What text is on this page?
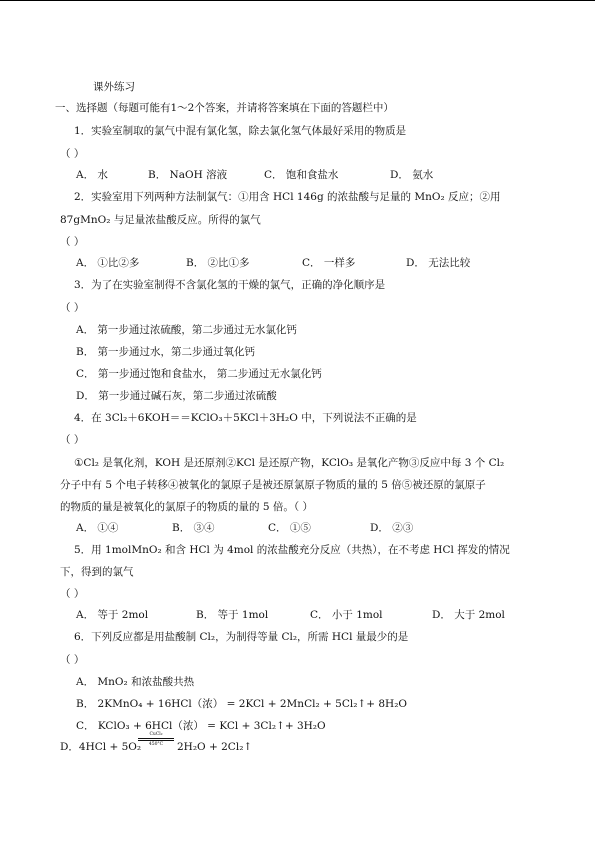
课外练习
一、选择题（每题可能有1～2个答案，并请将答案填在下面的答题栏中）
1．实验室制取的氯气中混有氯化氢，除去氯化氢气体最好采用的物质是
（ ）
A． 水	B． NaOH 溶液	C． 饱和食盐水	D． 氨水
2．实验室用下列两种方法制氯气：①用含 HCl 146g 的浓盐酸与足量的 MnO₂ 反应；②用
87gMnO₂ 与足量浓盐酸反应。所得的氯气
（ ）
A． ①比②多	B． ②比①多	C． 一样多	D． 无法比较
3．为了在实验室制得不含氯化氢的干燥的氯气，正确的净化顺序是
（ ）
A． 第一步通过浓硫酸，第二步通过无水氯化钙
B． 第一步通过水，第二步通过氧化钙
C． 第一步通过饱和食盐水， 第二步通过无水氯化钙
D． 第一步通过碱石灰，第二步通过浓硫酸
4．在 3Cl₂＋6KOH＝＝KClO₃＋5KCl＋3H₂O 中，下列说法不正确的是
（ ）
①Cl₂ 是氧化剂，KOH 是还原剂②KCl 是还原产物，KClO₃ 是氧化产物③反应中每 3 个 Cl₂
分子中有 5 个电子转移④被氧化的氯原子是被还原氯原子物质的量的 5 倍⑤被还原的氯原子
的物质的量是被氧化的氯原子的物质的量的 5 倍。（ ）
A． ①④	B． ③④	C． ①⑤	D． ②③
5．用 1molMnO₂ 和含 HCl 为 4mol 的浓盐酸充分反应（共热），在不考虑 HCl 挥发的情况
下，得到的氯气
（ ）
A． 等于 2mol	B． 等于 1mol	C． 小于 1mol	D． 大于 2mol
6．下列反应都是用盐酸制 Cl₂，为制得等量 Cl₂，所需 HCl 量最少的是
（ ）
A． MnO₂ 和浓盐酸共热
B． 2KMnO₄ + 16HCl（浓） = 2KCl + 2MnCl₂ + 5Cl₂↑+ 8H₂O
C． KClO₃ + 6HCl（浓） = KCl + 3Cl₂↑+ 3H₂O
D．4HCl + 5O₂
CuCl₂
450°C	2H₂O + 2Cl₂↑
